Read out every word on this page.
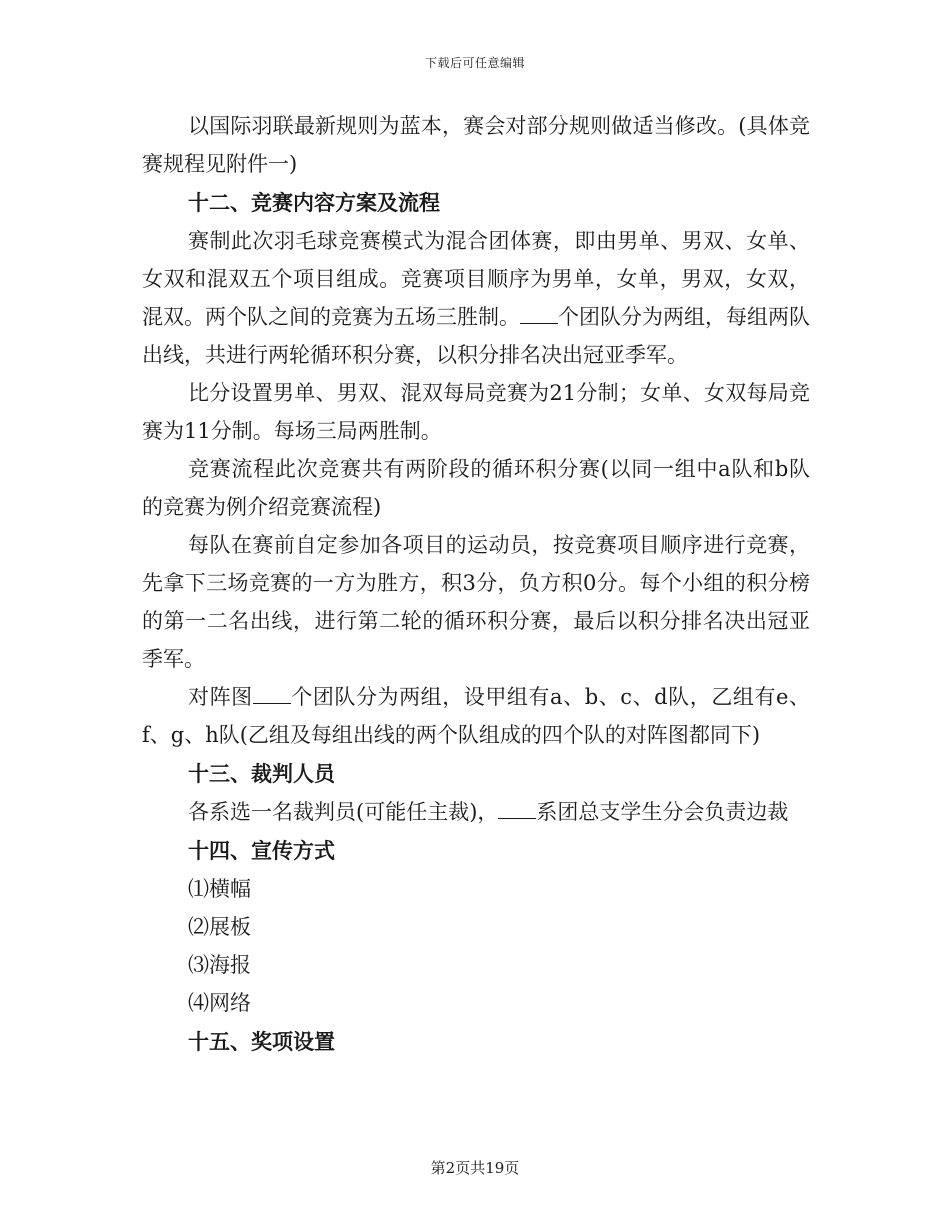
下载后可任意编辑

以国际羽联最新规则为蓝本，赛会对部分规则做适当修改。(具体竞赛规程见附件一)

十二、竞赛内容方案及流程

赛制此次羽毛球竞赛模式为混合团体赛，即由男单、男双、女单、女双和混双五个项目组成。竞赛项目顺序为男单，女单，男双，女双，混双。两个队之间的竞赛为五场三胜制。 个团队分为两组，每组两队出线，共进行两轮循环积分赛，以积分排名决出冠亚季军。

比分设置男单、男双、混双每局竞赛为21分制；女单、女双每局竞赛为11分制。每场三局两胜制。

竞赛流程此次竞赛共有两阶段的循环积分赛(以同一组中a队和b队的竞赛为例介绍竞赛流程)

每队在赛前自定参加各项目的运动员，按竞赛项目顺序进行竞赛，先拿下三场竞赛的一方为胜方，积3分，负方积0分。每个小组的积分榜的第一二名出线，进行第二轮的循环积分赛，最后以积分排名决出冠亚季军。

对阵图 个团队分为两组，设甲组有a、b、c、d队，乙组有e、f、g、h队(乙组及每组出线的两个队组成的四个队的对阵图都同下)

十三、裁判人员

各系选一名裁判员(可能任主裁)， 系团总支学生分会负责边裁

十四、宣传方式

⑴横幅

⑵展板

⑶海报

⑷网络

十五、奖项设置

第2页共19页
